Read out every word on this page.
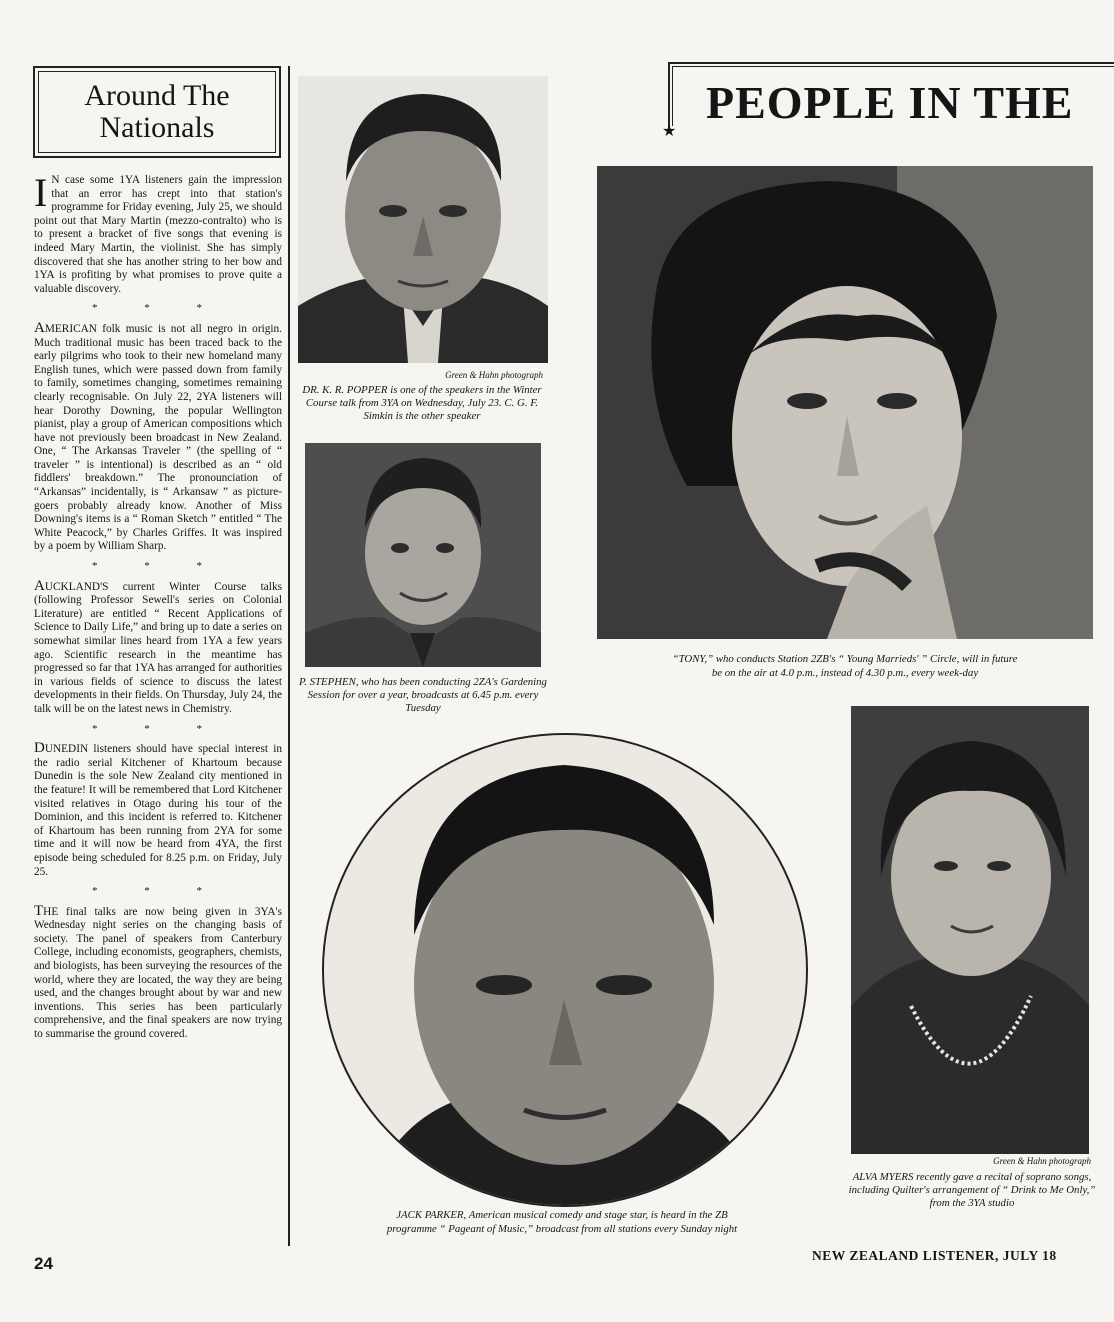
Around The
Nationals
I N case some 1YA listeners gain the impression that an error has crept into that station's programme for Friday evening, July 25, we should point out that Mary Martin (mezzo-contralto) who is to present a bracket of five songs that evening is indeed Mary Martin, the violinist. She has simply discovered that she has another string to her bow and 1YA is profiting by what promises to prove quite a valuable discovery.
* * *
AMERICAN folk music is not all negro in origin. Much traditional music has been traced back to the early pilgrims who took to their new homeland many English tunes, which were passed down from family to family, sometimes changing, sometimes remaining clearly recognisable. On July 22, 2YA listeners will hear Dorothy Downing, the popular Wellington pianist, play a group of American compositions which have not previously been broadcast in New Zealand. One, “ The Arkansas Traveler ” (the spelling of “ traveler ” is intentional) is described as an “ old fiddlers' breakdown.” The pronounciation of “Arkansas” incidentally, is “ Arkansaw ” as picture-goers probably already know. Another of Miss Downing's items is a “ Roman Sketch ” entitled “ The White Peacock,” by Charles Griffes. It was inspired by a poem by William Sharp.
* * *
AUCKLAND'S current Winter Course talks (following Professor Sewell's series on Colonial Literature) are entitled “ Recent Applications of Science to Daily Life,” and bring up to date a series on somewhat similar lines heard from 1YA a few years ago. Scientific research in the meantime has progressed so far that 1YA has arranged for authorities in various fields of science to discuss the latest developments in their fields. On Thursday, July 24, the talk will be on the latest news in Chemistry.
* * *
DUNEDIN listeners should have special interest in the radio serial Kitchener of Khartoum because Dunedin is the sole New Zealand city mentioned in the feature! It will be remembered that Lord Kitchener visited relatives in Otago during his tour of the Dominion, and this incident is referred to. Kitchener of Khartoum has been running from 2YA for some time and it will now be heard from 4YA, the first episode being scheduled for 8.25 p.m. on Friday, July 25.
* * *
THE final talks are now being given in 3YA's Wednesday night series on the changing basis of society. The panel of speakers from Canterbury College, including economists, geographers, chemists, and biologists, has been surveying the resources of the world, where they are located, the way they are being used, and the changes brought about by war and new inventions. This series has been particularly comprehensive, and the final speakers are now trying to summarise the ground covered.
★
PEOPLE IN THE
Green & Hahn photograph
DR. K. R. POPPER is one of the speakers in the Winter Course talk from 3YA on Wednesday, July 23. C. G. F. Simkin is the other speaker
P. STEPHEN, who has been conducting 2ZA's Gardening Session for over a year, broadcasts at 6.45 p.m. every Tuesday
“TONY,” who conducts Station 2ZB's “ Young Marrieds' ” Circle, will in future
be on the air at 4.0 p.m., instead of 4.30 p.m., every week-day
JACK PARKER, American musical comedy and stage star, is heard in the ZB
programme “ Pageant of Music,” broadcast from all stations every Sunday night
Green & Hahn photograph
ALVA MYERS recently gave a recital of soprano songs, including Quilter's arrangement of “ Drink to Me Only,” from the 3YA studio
24	NEW ZEALAND LISTENER, JULY 18
